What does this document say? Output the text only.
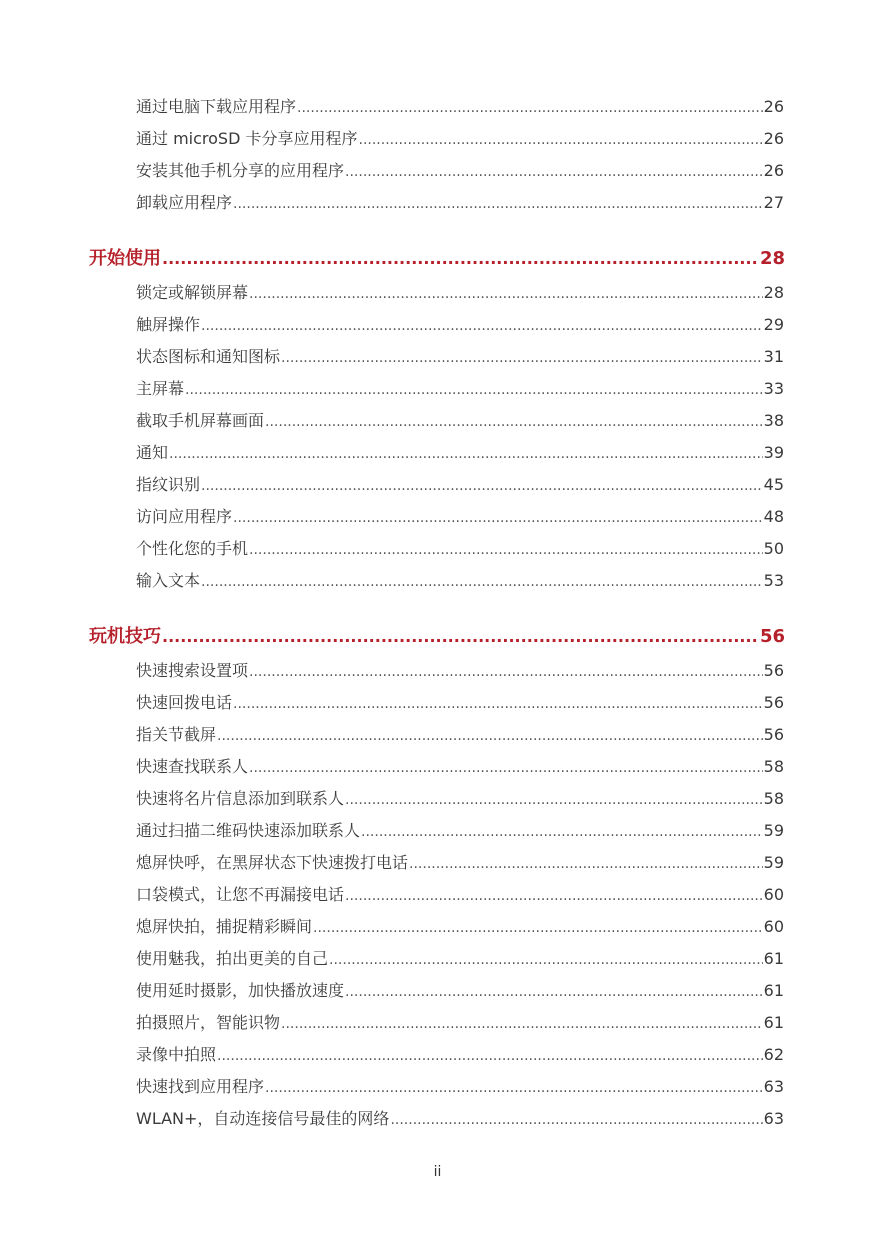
通过电脑下载应用程序 .....	26
通过 microSD 卡分享应用程序 .....	26
安装其他手机分享的应用程序 .....	26
卸载应用程序 .....	27
开始使用 .....	28
锁定或解锁屏幕 .....	28
触屏操作 .....	29
状态图标和通知图标 .....	31
主屏幕 .....	33
截取手机屏幕画面 .....	38
通知 .....	39
指纹识别 .....	45
访问应用程序 .....	48
个性化您的手机 .....	50
输入文本 .....	53
玩机技巧 .....	56
快速搜索设置项 .....	56
快速回拨电话 .....	56
指关节截屏 .....	56
快速查找联系人 .....	58
快速将名片信息添加到联系人 .....	58
通过扫描二维码快速添加联系人 .....	59
熄屏快呼，在黑屏状态下快速拨打电话 .....	59
口袋模式，让您不再漏接电话 .....	60
熄屏快拍，捕捉精彩瞬间 .....	60
使用魅我，拍出更美的自己 .....	61
使用延时摄影，加快播放速度 .....	61
拍摄照片，智能识物 .....	61
录像中拍照 .....	62
快速找到应用程序 .....	63
WLAN+，自动连接信号最佳的网络 .....	63
ii
